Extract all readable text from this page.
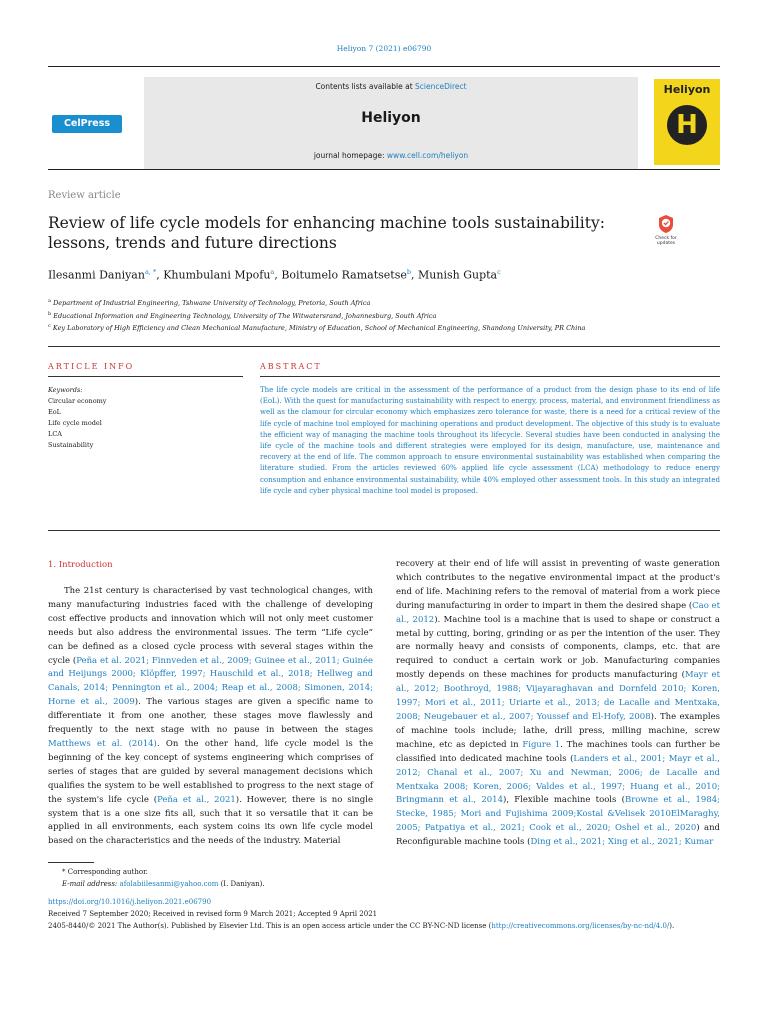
Heliyon 7 (2021) e06790
CelPress
Contents lists available at ScienceDirect
Heliyon
journal homepage: www.cell.com/heliyon
Heliyon
H
Review article
Review of life cycle models for enhancing machine tools sustainability: lessons, trends and future directions	Check for updates
Ilesanmi Daniyan$^{a, *}$, Khumbulani Mpofu$^a$, Boitumelo Ramatsetse$^b$, Munish Gupta$^c$
$^a$ Department of Industrial Engineering, Tshwane University of Technology, Pretoria, South Africa
$^b$ Educational Information and Engineering Technology, University of The Witwatersrand, Johannesburg, South Africa
$^c$ Key Laboratory of High Efficiency and Clean Mechanical Manufacture, Ministry of Education, School of Mechanical Engineering, Shandong University, PR China
ARTICLE INFO	ABSTRACT
Keywords:
Circular economy
EoL
Life cycle model
LCA
Sustainability
The life cycle models are critical in the assessment of the performance of a product from the design phase to its end of life (EoL). With the quest for manufacturing sustainability with respect to energy, process, material, and environment friendliness as well as the clamour for circular economy which emphasizes zero tolerance for waste, there is a need for a critical review of the life cycle of machine tool employed for machining operations and product development. The objective of this study is to evaluate the efficient way of managing the machine tools throughout its lifecycle. Several studies have been conducted in analysing the life cycle of the machine tools and different strategies were employed for its design, manufacture, use, maintenance and recovery at the end of life. The common approach to ensure environmental sustainability was established when comparing the literature studied. From the articles reviewed 60% applied life cycle assessment (LCA) methodology to reduce energy consumption and enhance environmental sustainability, while 40% employed other assessment tools. In this study an integrated life cycle and cyber physical machine tool model is proposed.
1. Introduction

The 21st century is characterised by vast technological changes, with many manufacturing industries faced with the challenge of developing cost effective products and innovation which will not only meet customer needs but also address the environmental issues. The term “Life cycle” can be defined as a closed cycle process with several stages within the cycle (Peña et al. 2021; Finnveden et al., 2009; Guinee et al., 2011; Guinée and Heijungs 2000; Klöpffer, 1997; Hauschild et al., 2018; Hellweg and Canals, 2014; Pennington et al., 2004; Reap et al., 2008; Simonen, 2014; Horne et al., 2009). The various stages are given a specific name to differentiate it from one another, these stages move flawlessly and frequently to the next stage with no pause in between the stages Matthews et al. (2014). On the other hand, life cycle model is the beginning of the key concept of systems engineering which comprises of series of stages that are guided by several management decisions which qualifies the system to be well established to progress to the next stage of the system's life cycle (Peña et al., 2021). However, there is no single system that is a one size fits all, such that it so versatile that it can be applied in all environments, each system coins its own life cycle model based on the characteristics and the needs of the industry. Material

recovery at their end of life will assist in preventing of waste generation which contributes to the negative environmental impact at the product's end of life. Machining refers to the removal of material from a work piece during manufacturing in order to impart in them the desired shape (Cao et al., 2012). Machine tool is a machine that is used to shape or construct a metal by cutting, boring, grinding or as per the intention of the user. They are normally heavy and consists of components, clamps, etc. that are required to conduct a certain work or job. Manufacturing companies mostly depends on these machines for products manufacturing (Mayr et al., 2012; Boothroyd, 1988; Vijayaraghavan and Dornfeld 2010; Koren, 1997; Mori et al., 2011; Uriarte et al., 2013; de Lacalle and Mentxaka, 2008; Neugebauer et al., 2007; Youssef and El-Hofy, 2008). The examples of machine tools include; lathe, drill press, milling machine, screw machine, etc as depicted in Figure 1. The machines tools can further be classified into dedicated machine tools (Landers et al., 2001; Mayr et al., 2012; Chanal et al., 2007; Xu and Newman, 2006; de Lacalle and Mentxaka 2008; Koren, 2006; Valdes et al., 1997; Huang et al., 2010; Bringmann et al., 2014), Flexible machine tools (Browne et al., 1984; Stecke, 1985; Mori and Fujishima 2009;Kostal &Velisek 2010ElMaraghy, 2005; Patpatiya et al., 2021; Cook et al., 2020; Oshel et al., 2020) and Reconfigurable machine tools (Ding et al., 2021; Xing et al., 2021; Kumar

* Corresponding author.
E-mail address: afolabiilesanmi@yahoo.com (I. Daniyan).
https://doi.org/10.1016/j.heliyon.2021.e06790
Received 7 September 2020; Received in revised form 9 March 2021; Accepted 9 April 2021
2405-8440/© 2021 The Author(s). Published by Elsevier Ltd. This is an open access article under the CC BY-NC-ND license (http://creativecommons.org/licenses/by-nc-nd/4.0/).
